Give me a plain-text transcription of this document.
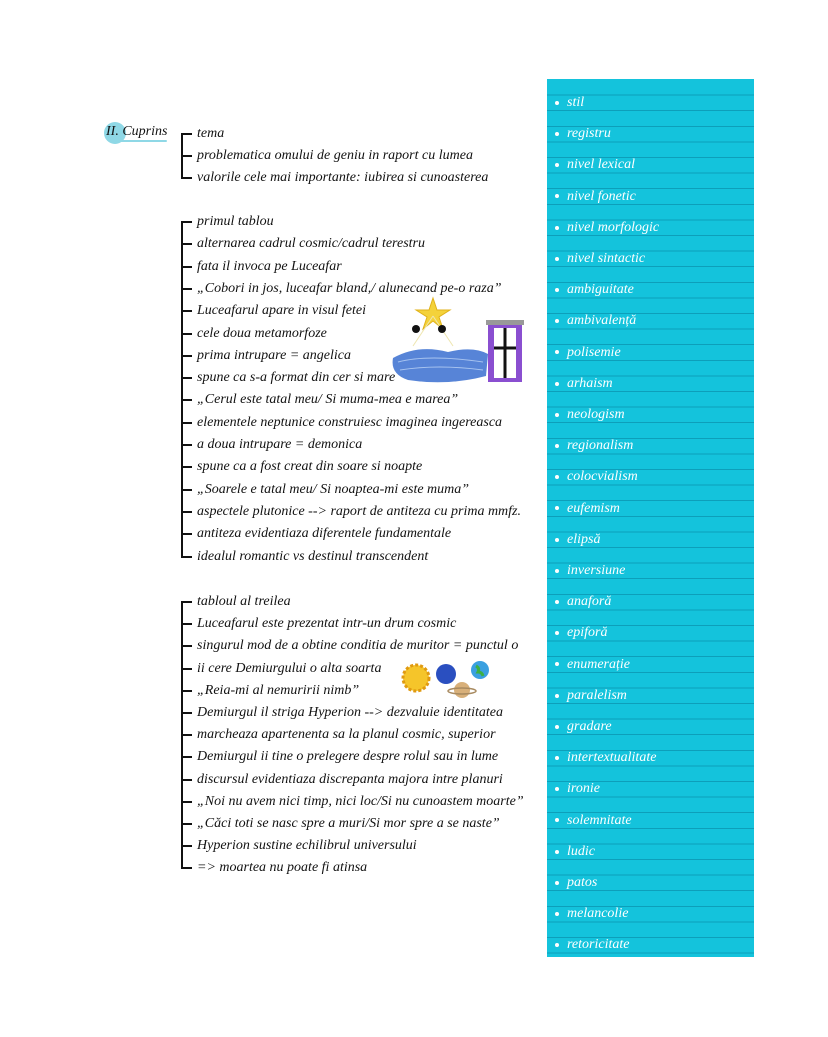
II. Cuprins tema
problematica omului de geniu in raport cu lumea
valorile cele mai importante: iubirea si cunoasterea
primul tablou
alternarea cadrul cosmic/cadrul terestru
fata il invoca pe Luceafar
„Cobori in jos, luceafar bland,/ alunecand pe-o raza”
Luceafarul apare in visul fetei
cele doua metamorfoze
prima intrupare = angelica
spune ca s-a format din cer si mare
„Cerul este tatal meu/ Si muma-mea e marea”
elementele neptunice construiesc imaginea ingereasca
a doua intrupare = demonica
spune ca a fost creat din soare si noapte
„Soarele e tatal meu/ Si noaptea-mi este muma”
aspectele plutonice --> raport de antiteza cu prima mmfz.
antiteza evidentiaza diferentele fundamentale
idealul romantic vs destinul transcendent
tabloul al treilea
Luceafarul este prezentat intr-un drum cosmic
singurul mod de a obtine conditia de muritor = punctul o
ii cere Demiurgului o alta soarta
„Reia-mi al nemuririi nimb”
Demiurgul il striga Hyperion --> dezvaluie identitatea
marcheaza apartenenta sa la planul cosmic, superior
Demiurgul ii tine o prelegere despre rolul sau in lume
discursul evidentiaza discrepanta majora intre planuri
„Noi nu avem nici timp, nici loc/Si nu cunoastem moarte”
„Căci toti se nasc spre a muri/Si mor spre a se naste”
Hyperion sustine echilibrul universului
=> moartea nu poate fi atinsa
stil
registru
nivel lexical
nivel fonetic
nivel morfologic
nivel sintactic
ambiguitate
ambivalență
polisemie
arhaism
neologism
regionalism
colocvialism
eufemism
elipsă
inversiune
anaforă
epiforă
enumerație
paralelism
gradare
intertextualitate
ironie
solemnitate
ludic
patos
melancolie
retoricitate
